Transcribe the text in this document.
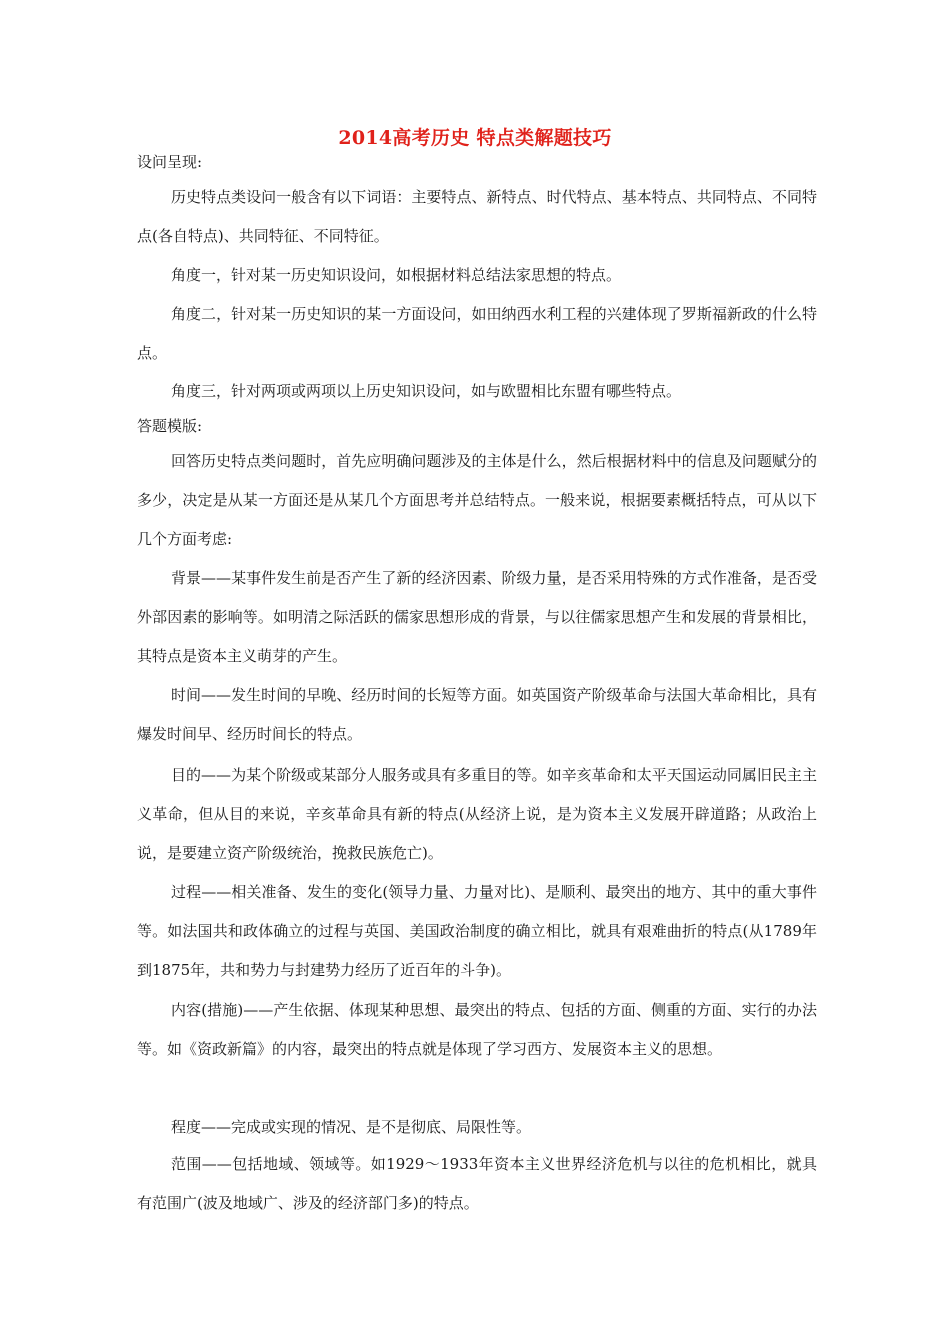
2014高考历史 特点类解题技巧
设问呈现:
历史特点类设问一般含有以下词语：主要特点、新特点、时代特点、基本特点、共同特点、不同特点(各自特点)、共同特征、不同特征。
角度一，针对某一历史知识设问，如根据材料总结法家思想的特点。
角度二，针对某一历史知识的某一方面设问，如田纳西水利工程的兴建体现了罗斯福新政的什么特点。
角度三，针对两项或两项以上历史知识设问，如与欧盟相比东盟有哪些特点。
答题模版:
回答历史特点类问题时，首先应明确问题涉及的主体是什么，然后根据材料中的信息及问题赋分的多少，决定是从某一方面还是从某几个方面思考并总结特点。一般来说，根据要素概括特点，可从以下几个方面考虑:
背景——某事件发生前是否产生了新的经济因素、阶级力量，是否采用特殊的方式作准备，是否受外部因素的影响等。如明清之际活跃的儒家思想形成的背景，与以往儒家思想产生和发展的背景相比，其特点是资本主义萌芽的产生。
时间——发生时间的早晚、经历时间的长短等方面。如英国资产阶级革命与法国大革命相比，具有爆发时间早、经历时间长的特点。
目的——为某个阶级或某部分人服务或具有多重目的等。如辛亥革命和太平天国运动同属旧民主主义革命，但从目的来说，辛亥革命具有新的特点(从经济上说，是为资本主义发展开辟道路；从政治上说，是要建立资产阶级统治，挽救民族危亡)。
过程——相关准备、发生的变化(领导力量、力量对比)、是顺利、最突出的地方、其中的重大事件等。如法国共和政体确立的过程与英国、美国政治制度的确立相比，就具有艰难曲折的特点(从1789年到1875年，共和势力与封建势力经历了近百年的斗争)。
内容(措施)——产生依据、体现某种思想、最突出的特点、包括的方面、侧重的方面、实行的办法等。如《资政新篇》的内容，最突出的特点就是体现了学习西方、发展资本主义的思想。
程度——完成或实现的情况、是不是彻底、局限性等。
范围——包括地域、领域等。如1929～1933年资本主义世界经济危机与以往的危机相比，就具有范围广(波及地域广、涉及的经济部门多)的特点。
